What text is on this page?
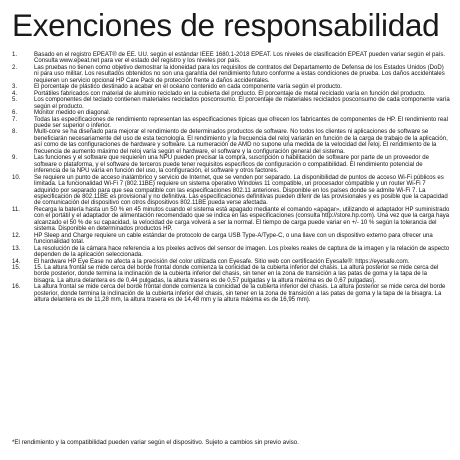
Exenciones de responsabilidad
1.	Basado en el registro EPEAT® de EE. UU. según el estándar IEEE 1680.1-2018 EPEAT. Los niveles de clasificación EPEAT pueden variar según el país. Consulta www.epeat.net para ver el estado del registro y los niveles por país.
2.	Las pruebas no tienen como objetivo demostrar la idoneidad para los requisitos de contratos del Departamento de Defensa de los Estados Unidos (DoD) ni para uso militar. Los resultados obtenidos no son una garantía del rendimiento futuro conforme a estas condiciones de prueba. Los daños accidentales requieren un servicio opcional HP Care Pack de protección frente a daños accidentales.
3.	El porcentaje de plástico destinado a acabar en el océano contenido en cada componente varía según el producto.
4.	Portátiles fabricados con material de aluminio reciclado en la cubierta del producto. El porcentaje de metal reciclado varía en función del producto.
5.	Los componentes del teclado contienen materiales reciclados posconsumo. El porcentaje de materiales reciclados posconsumo de cada componente varía según el producto.
6.	Monitor medido en diagonal.
7.	Todas las especificaciones de rendimiento representan las especificaciones típicas que ofrecen los fabricantes de componentes de HP. El rendimiento real puede ser superior o inferior.
8.	Multi-core se ha diseñado para mejorar el rendimiento de determinados productos de software. No todos los clientes ni aplicaciones de software se beneficiarán necesariamente del uso de esta tecnología. El rendimiento y la frecuencia del reloj variarán en función de la carga de trabajo de la aplicación, así como de las configuraciones de hardware y software. La numeración de AMD no supone una medida de la velocidad del reloj. El rendimiento de la frecuencia de aumento máximo del reloj varía según el hardware, el software y la configuración general del sistema.
9.	Las funciones y el software que requieren una NPU pueden precisar la compra, suscripción o habilitación de software por parte de un proveedor de software o plataforma, y el software de terceros puede tener requisitos específicos de configuración o compatibilidad. El rendimiento potencial de inferencia de la NPU varía en función del uso, la configuración, el software y otros factores.
10. Se requiere un punto de acceso inalámbrico y servicio de Internet, que se venden por separado. La disponibilidad de puntos de acceso Wi-Fi públicos es limitada. La funcionalidad Wi-Fi 7 (802.11BE) requiere un sistema operativo Windows 11 compatible, un procesador compatible y un router Wi-Fi 7 adquirido por separado para que sea compatible con las especificaciones 802.11 anteriores. Disponible en los países donde se admite Wi-Fi 7. La especificación de 802.11BE es provisional y no definitiva. Las especificaciones definitivas pueden diferir de las provisionales y es posible que la capacidad de comunicación del dispositivo con otros dispositivos 802.11BE pueda verse afectada.
11. Recarga la batería hasta un 50 % en 45 minutos cuando el sistema está apagado mediante el comando «apagar», utilizando el adaptador HP suministrado con el portátil y el adaptador de alimentación recomendado que se indica en las especificaciones (consulta http://store.hp.com). Una vez que la carga haya alcanzado el 50 % de su capacidad, la velocidad de carga volverá a ser la normal. El tiempo de carga puede variar en +/- 10 % según la tolerancia del sistema. Disponible en determinados productos HP.
12. HP Sleep and Charge requiere un cable estándar de protocolo de carga USB Type-A/Type-C, o una llave con un dispositivo externo para ofrecer una funcionalidad total.
13. La resolución de la cámara hace referencia a los píxeles activos del sensor de imagen. Los píxeles reales de captura de la imagen y la relación de aspecto dependen de la aplicación seleccionada.
14. El hardware HP Eye Ease no afecta a la precisión del color utilizada con Eyesafe. Sitio web con certificación Eyesafe®: https://eyesafe.com.
15. 15. La altura frontal se mide cerca del borde frontal donde comienza la conicidad de la cubierta inferior del chasis. La altura posterior se mide cerca del borde posterior, donde termina la inclinación de la cubierta inferior del chasis, sin tener en la zona de transición a las patas de goma y la tapa de la bisagra. La altura delantera es de 0,44 pulgadas, la altura trasera es de 0,57 pulgadas y la altura máxima es de 0,67 pulgadas).
16. La altura frontal se mide cerca del borde frontal donde comienza la conicidad de la cubierta inferior del chasis. La altura posterior se mide cerca del borde posterior, donde termina la inclinación de la cubierta inferior del chasis, sin tener en la zona de transición a las patas de goma y la tapa de la bisagra. La altura delantera es de 11,28 mm, la altura trasera es de 14,48 mm y la altura máxima es de 16,95 mm).
*El rendimiento y la compatibilidad pueden variar según el dispositivo. Sujeto a cambios sin previo aviso.
